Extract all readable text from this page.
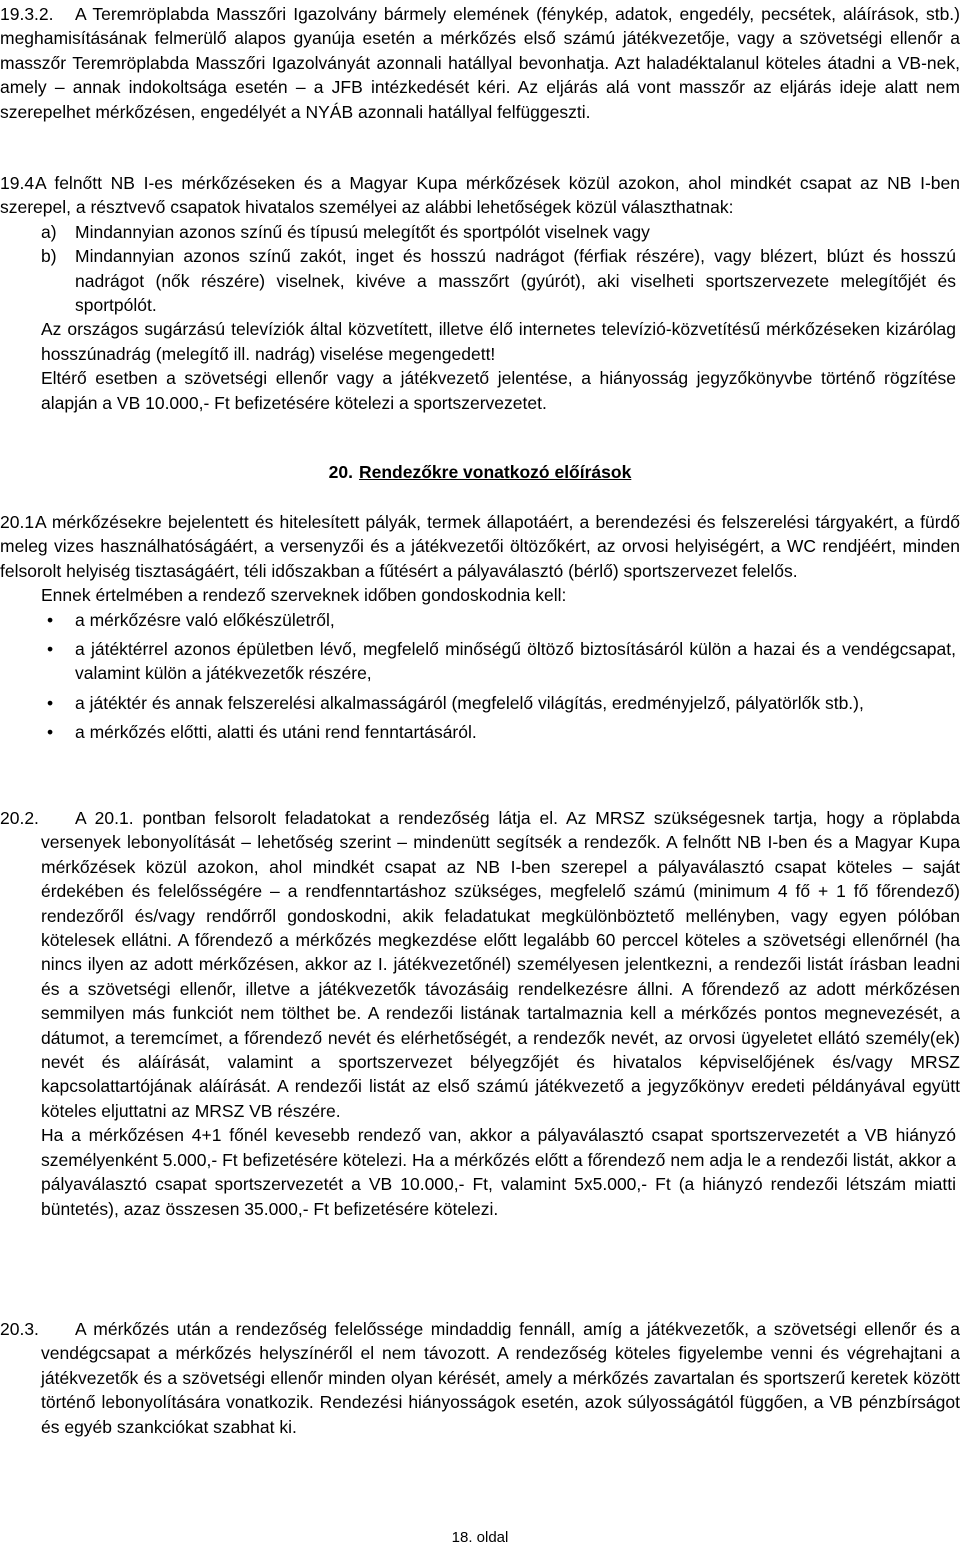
19.3.2.	A Teremröplabda Masszőri Igazolvány bármely elemének (fénykép, adatok, engedély, pecsétek, aláírások, stb.) meghamisításának felmerülő alapos gyanúja esetén a mérkőzés első számú játékvezetője, vagy a szövetségi ellenőr a masszőr Teremröplabda Masszőri Igazolványát azonnali hatállyal bevonhatja. Azt haladéktalanul köteles átadni a VB-nek, amely – annak indokoltsága esetén – a JFB intézkedését kéri. Az eljárás alá vont masszőr az eljárás ideje alatt nem szerepelhet mérkőzésen, engedélyét a NYÁB azonnali hatállyal felfüggeszti.

19.4.

A felnőtt NB I-es mérkőzéseken és a Magyar Kupa mérkőzések közül azokon, ahol mindkét csapat az NB I-ben szerepel, a résztvevő csapatok hivatalos személyei az alábbi lehetőségek közül választhatnak:

a) Mindannyian azonos színű és típusú melegítőt és sportpólót viselnek vagy
b) Mindannyian azonos színű zakót, inget és hosszú nadrágot (férfiak részére), vagy blézert, blúzt és hosszú nadrágot (nők részére) viselnek, kivéve a masszőrt (gyúrót), aki viselheti sportszervezete melegítőjét és sportpólót.

Az országos sugárzású televíziók által közvetített, illetve élő internetes televízió-közvetítésű mérkőzéseken kizárólag hosszúnadrág (melegítő ill. nadrág) viselése megengedett!

Eltérő esetben a szövetségi ellenőr vagy a játékvezető jelentése, a hiányosság jegyzőkönyvbe történő rögzítése alapján a VB 10.000,- Ft befizetésére kötelezi a sportszervezetet.

20. Rendezőkre vonatkozó előírások
20.1.

A mérkőzésekre bejelentett és hitelesített pályák, termek állapotáért, a berendezési és felszerelési tárgyakért, a fürdő meleg vizes használhatóságáért, a versenyzői és a játékvezetői öltözőkért, az orvosi helyiségért, a WC rendjéért, minden felsorolt helyiség tisztaságáért, téli időszakban a fűtésért a pályaválasztó (bérlő) sportszervezet felelős.

Ennek értelmében a rendező szerveknek időben gondoskodnia kell:

• a mérkőzésre való előkészületről,
• a játéktérrel azonos épületben lévő, megfelelő minőségű öltöző biztosításáról külön a hazai és a vendégcsapat, valamint külön a játékvezetők részére,
• a játéktér és annak felszerelési alkalmasságáról (megfelelő világítás, eredményjelző, pályatörlők stb.),
• a mérkőzés előtti, alatti és utáni rend fenntartásáról.
20.2.	A 20.1. pontban felsorolt feladatokat a rendezőség látja el. Az MRSZ szükségesnek tartja, hogy a röplabda versenyek lebonyolítását – lehetőség szerint – mindenütt segítsék a rendezők. A felnőtt NB I-ben és a Magyar Kupa mérkőzések közül azokon, ahol mindkét csapat az NB I-ben szerepel a pályaválasztó csapat köteles – saját érdekében és felelősségére – a rendfenntartáshoz szükséges, megfelelő számú (minimum 4 fő + 1 fő főrendező) rendezőről és/vagy rendőrről gondoskodni, akik feladatukat megkülönböztető mellényben, vagy egyen pólóban kötelesek ellátni. A főrendező a mérkőzés megkezdése előtt legalább 60 perccel köteles a szövetségi ellenőrnél (ha nincs ilyen az adott mérkőzésen, akkor az I. játékvezetőnél) személyesen jelentkezni, a rendezői listát írásban leadni és a szövetségi ellenőr, illetve a játékvezetők távozásáig rendelkezésre állni. A főrendező az adott mérkőzésen semmilyen más funkciót nem tölthet be. A rendezői listának tartalmaznia kell a mérkőzés pontos megnevezését, a dátumot, a teremcímet, a főrendező nevét és elérhetőségét, a rendezők nevét, az orvosi ügyeletet ellátó személy(ek) nevét és aláírását, valamint a sportszervezet bélyegzőjét és hivatalos képviselőjének és/vagy MRSZ kapcsolattartójának aláírását. A rendezői listát az első számú játékvezető a jegyzőkönyv eredeti példányával együtt köteles eljuttatni az MRSZ VB részére.

Ha a mérkőzésen 4+1 főnél kevesebb rendező van, akkor a pályaválasztó csapat sportszervezetét a VB hiányzó személyenként 5.000,- Ft befizetésére kötelezi. Ha a mérkőzés előtt a főrendező nem adja le a rendezői listát, akkor a pályaválasztó csapat sportszervezetét a VB 10.000,- Ft, valamint 5x5.000,- Ft (a hiányzó rendezői létszám miatti büntetés), azaz összesen 35.000,- Ft befizetésére kötelezi.

20.3.	A mérkőzés után a rendezőség felelőssége mindaddig fennáll, amíg a játékvezetők, a szövetségi ellenőr és a vendégcsapat a mérkőzés helyszínéről el nem távozott. A rendezőség köteles figyelembe venni és végrehajtani a játékvezetők és a szövetségi ellenőr minden olyan kérését, amely a mérkőzés zavartalan és sportszerű keretek között történő lebonyolítására vonatkozik. Rendezési hiányosságok esetén, azok súlyosságától függően, a VB pénzbírságot és egyéb szankciókat szabhat ki.

18. oldal
